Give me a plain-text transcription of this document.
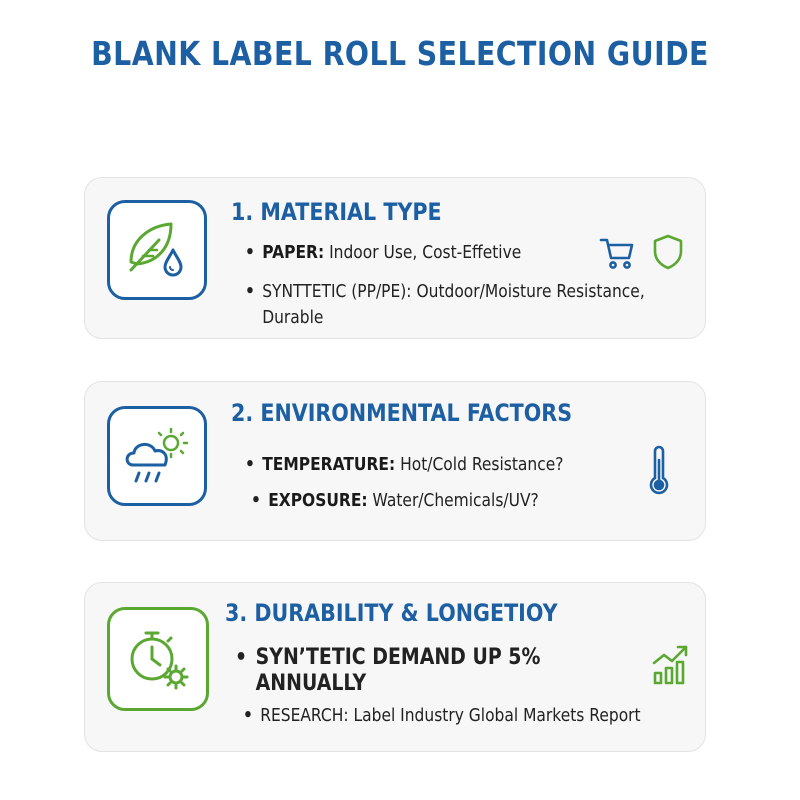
BLANK LABEL ROLL SELECTION GUIDE
1. MATERIAL TYPE
• PAPER: Indoor Use, Cost-Effetive
• SYNTTETIC (PP/PE): Outdoor/Moisture Resistance,
Durable
2. ENVIRONMENTAL FACTORS
• TEMPERATURE: Hot/Cold Resistance?
• EXPOSURE: Water/Chemicals/UV?
3. DURABILITY & LONGETIOY
• SYNʼTETIC DEMAND UP 5%
ANNUALLY
• RESEARCH: Label Industry Global Markets Report
